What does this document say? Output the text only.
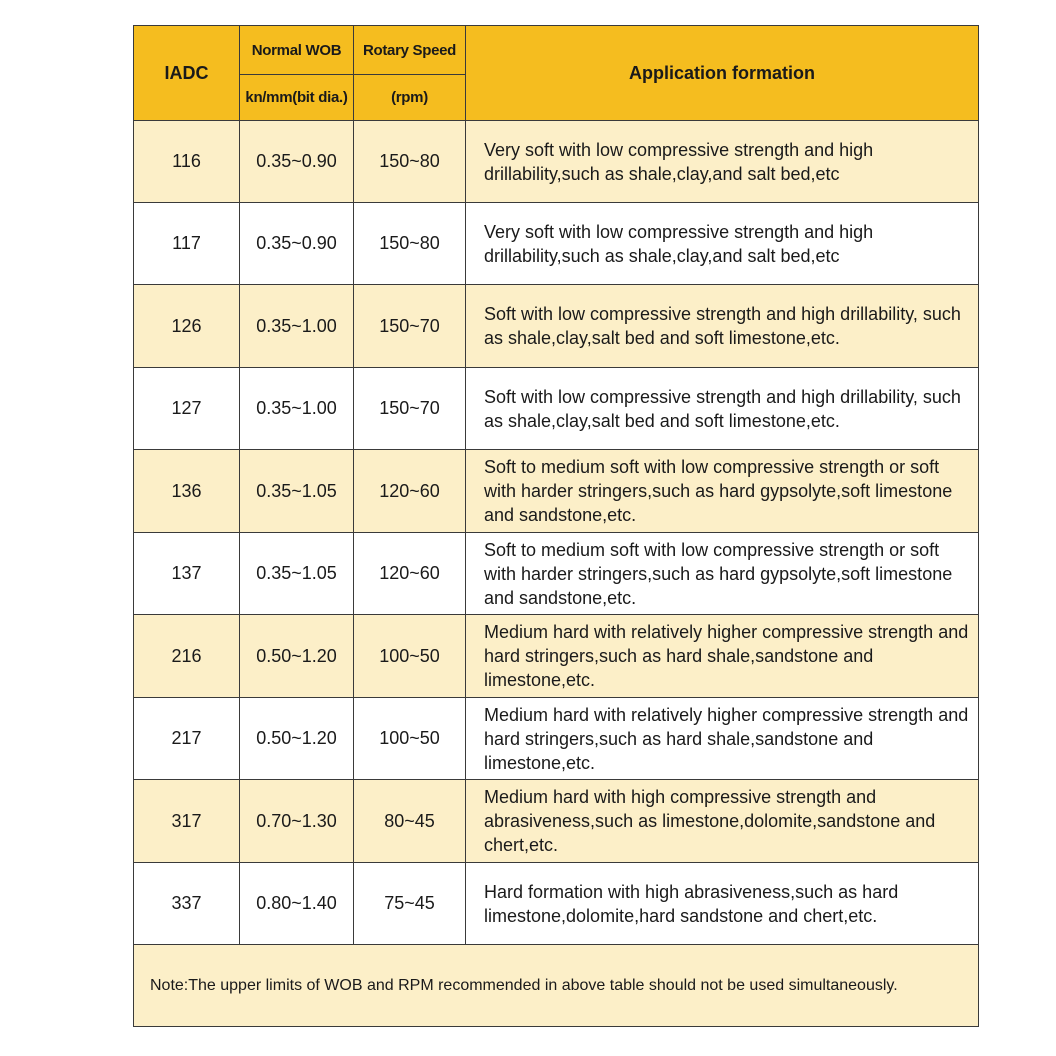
IADC	Normal WOB	Rotary Speed	Application formation
	kn/mm(bit dia.)	(rpm)	
116	0.35~0.90	150~80	Very soft with low compressive strength and high drillability,such as shale,clay,and salt bed,etc
117	0.35~0.90	150~80	Very soft with low compressive strength and high drillability,such as shale,clay,and salt bed,etc
126	0.35~1.00	150~70	Soft with low compressive strength and high drillability, such as shale,clay,salt bed and soft limestone,etc.
127	0.35~1.00	150~70	Soft with low compressive strength and high drillability, such as shale,clay,salt bed and soft limestone,etc.
136	0.35~1.05	120~60	Soft to medium soft with low compressive strength or soft with harder stringers,such as hard gypsolyte,soft limestone and sandstone,etc.
137	0.35~1.05	120~60	Soft to medium soft with low compressive strength or soft with harder stringers,such as hard gypsolyte,soft limestone and sandstone,etc.
216	0.50~1.20	100~50	Medium hard with relatively higher compressive strength and hard stringers,such as hard shale,sandstone and limestone,etc.
217	0.50~1.20	100~50	Medium hard with relatively higher compressive strength and hard stringers,such as hard shale,sandstone and limestone,etc.
317	0.70~1.30	80~45	Medium hard with high compressive strength and abrasiveness,such as limestone,dolomite,sandstone and chert,etc.
337	0.80~1.40	75~45	Hard formation with high abrasiveness,such as hard limestone,dolomite,hard sandstone and chert,etc.
Note:The upper limits of WOB and RPM recommended in above table should not be used simultaneously.			
